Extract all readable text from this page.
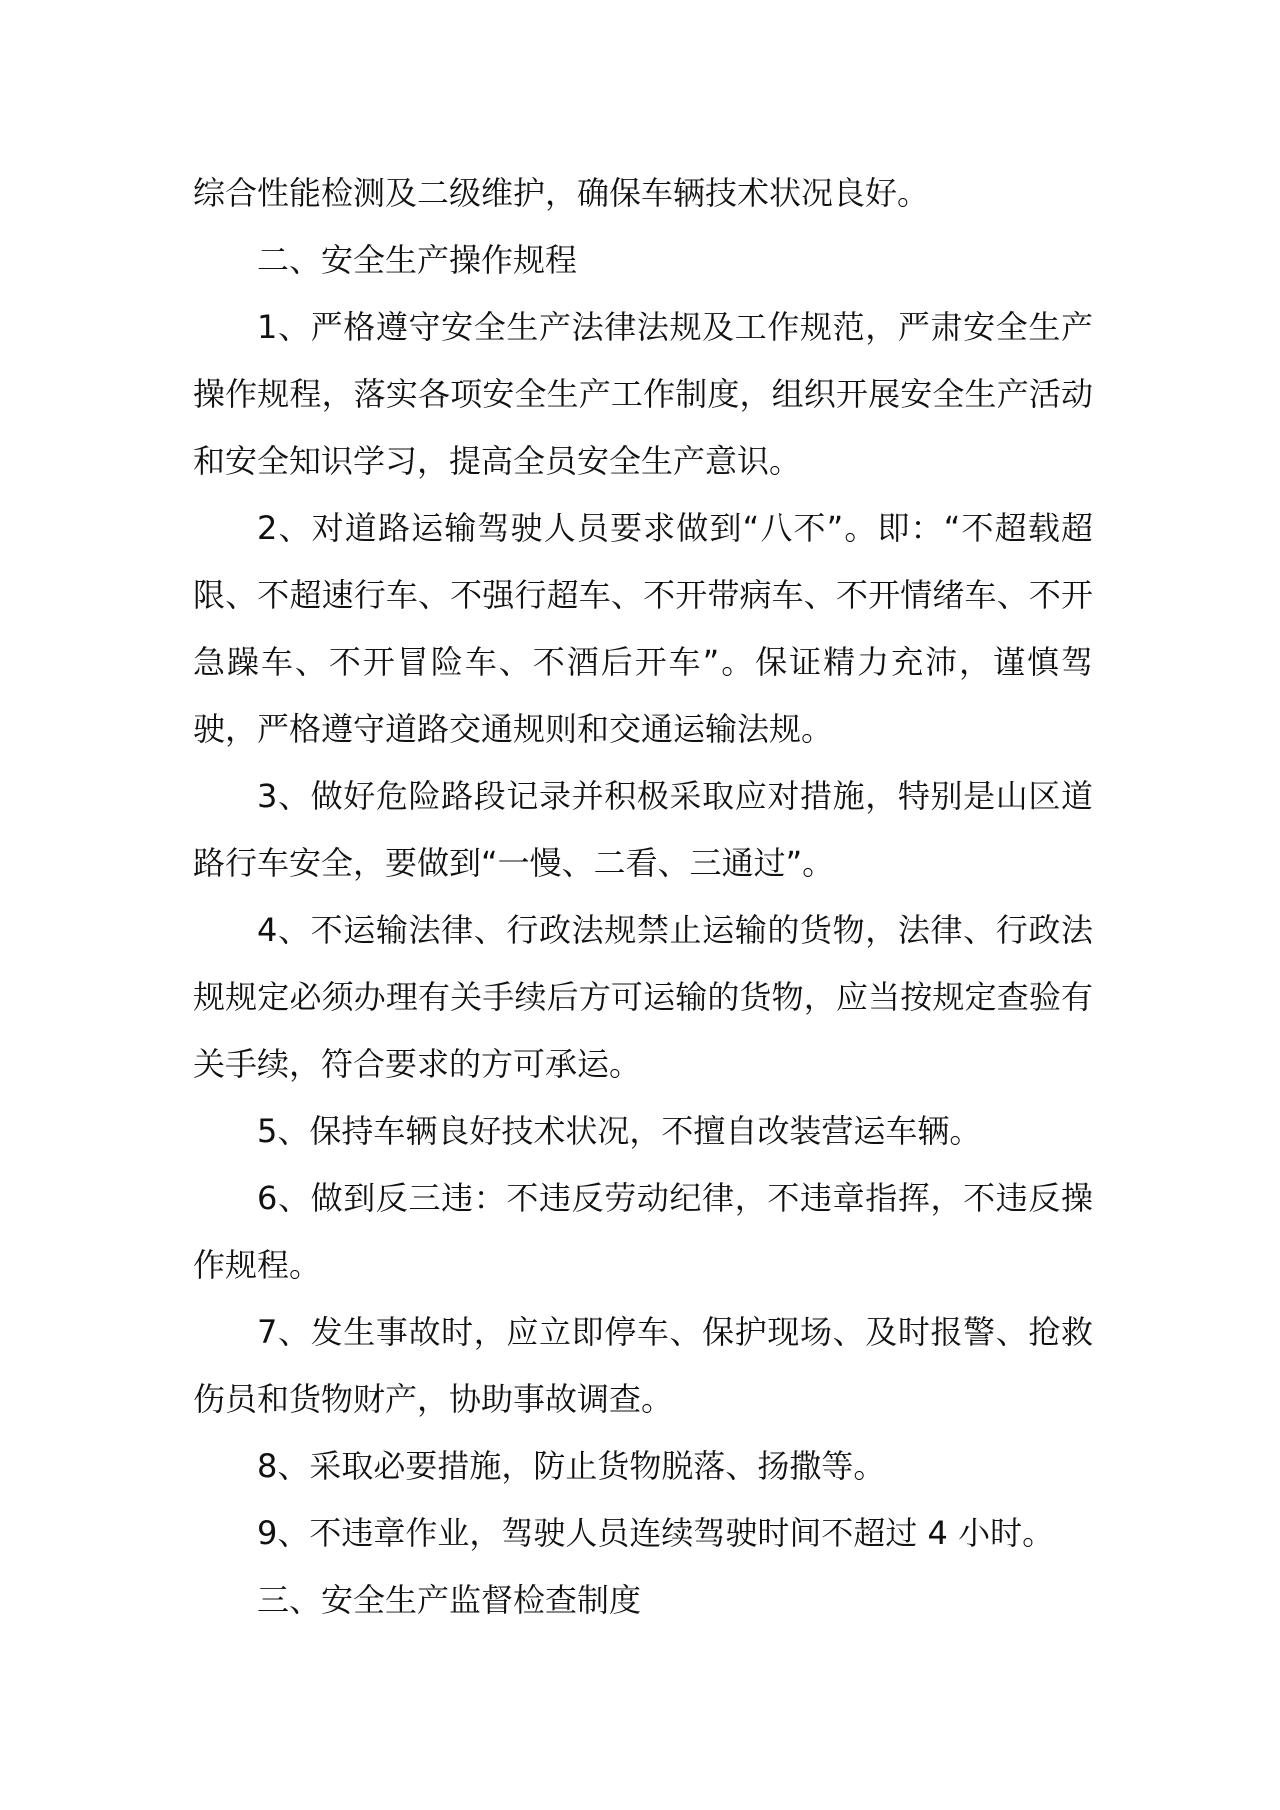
综合性能检测及二级维护，确保车辆技术状况良好。

二、安全生产操作规程

1、严格遵守安全生产法律法规及工作规范，严肃安全生产操作规程，落实各项安全生产工作制度，组织开展安全生产活动和安全知识学习，提高全员安全生产意识。

2、对道路运输驾驶人员要求做到“八不”。即：“不超载超限、不超速行车、不强行超车、不开带病车、不开情绪车、不开急躁车、不开冒险车、不酒后开车”。保证精力充沛，谨慎驾驶，严格遵守道路交通规则和交通运输法规。

3、做好危险路段记录并积极采取应对措施，特别是山区道路行车安全，要做到“一慢、二看、三通过”。

4、不运输法律、行政法规禁止运输的货物，法律、行政法规规定必须办理有关手续后方可运输的货物，应当按规定查验有关手续，符合要求的方可承运。

5、保持车辆良好技术状况，不擅自改装营运车辆。

6、做到反三违：不违反劳动纪律，不违章指挥，不违反操作规程。

7、发生事故时，应立即停车、保护现场、及时报警、抢救伤员和货物财产，协助事故调查。

8、采取必要措施，防止货物脱落、扬撒等。

9、不违章作业，驾驶人员连续驾驶时间不超过 4 小时。

三、安全生产监督检查制度
